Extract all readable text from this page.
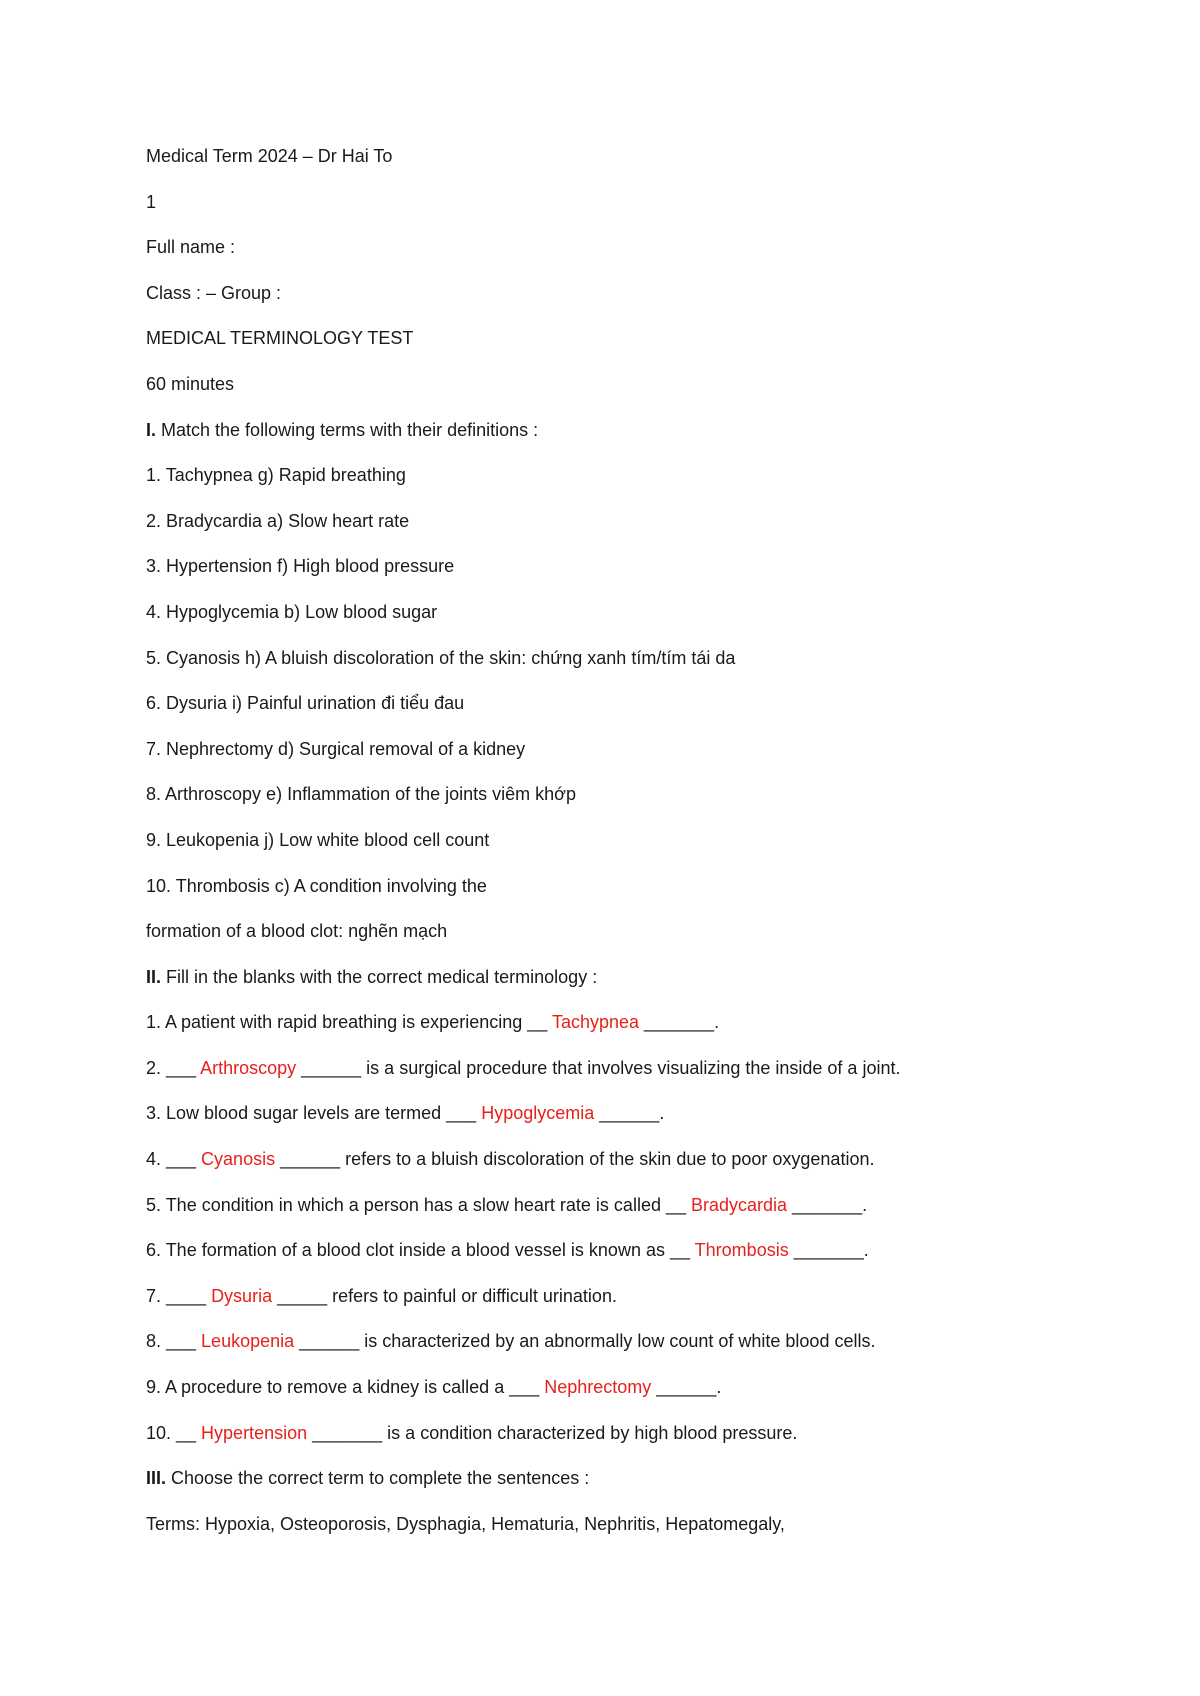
Medical Term 2024 – Dr Hai To
1
Full name :
Class : – Group :
MEDICAL TERMINOLOGY TEST
60 minutes
I. Match the following terms with their definitions :
1. Tachypnea g) Rapid breathing
2. Bradycardia a) Slow heart rate
3. Hypertension f) High blood pressure
4. Hypoglycemia b) Low blood sugar
5. Cyanosis h) A bluish discoloration of the skin: chứng xanh tím/tím tái da
6. Dysuria i) Painful urination đi tiểu đau
7. Nephrectomy d) Surgical removal of a kidney
8. Arthroscopy e) Inflammation of the joints viêm khớp
9. Leukopenia j) Low white blood cell count
10. Thrombosis c) A condition involving the
formation of a blood clot: nghẽn mạch
II. Fill in the blanks with the correct medical terminology :
1. A patient with rapid breathing is experiencing __ Tachypnea _______.
2. ___ Arthroscopy ______ is a surgical procedure that involves visualizing the inside of a joint.
3. Low blood sugar levels are termed ___ Hypoglycemia ______.
4. ___ Cyanosis ______ refers to a bluish discoloration of the skin due to poor oxygenation.
5. The condition in which a person has a slow heart rate is called __ Bradycardia _______.
6. The formation of a blood clot inside a blood vessel is known as __ Thrombosis _______.
7. ____ Dysuria _____ refers to painful or difficult urination.
8. ___ Leukopenia ______ is characterized by an abnormally low count of white blood cells.
9. A procedure to remove a kidney is called a ___ Nephrectomy ______.
10. __ Hypertension _______ is a condition characterized by high blood pressure.
III. Choose the correct term to complete the sentences :
Terms: Hypoxia, Osteoporosis, Dysphagia, Hematuria, Nephritis, Hepatomegaly,
